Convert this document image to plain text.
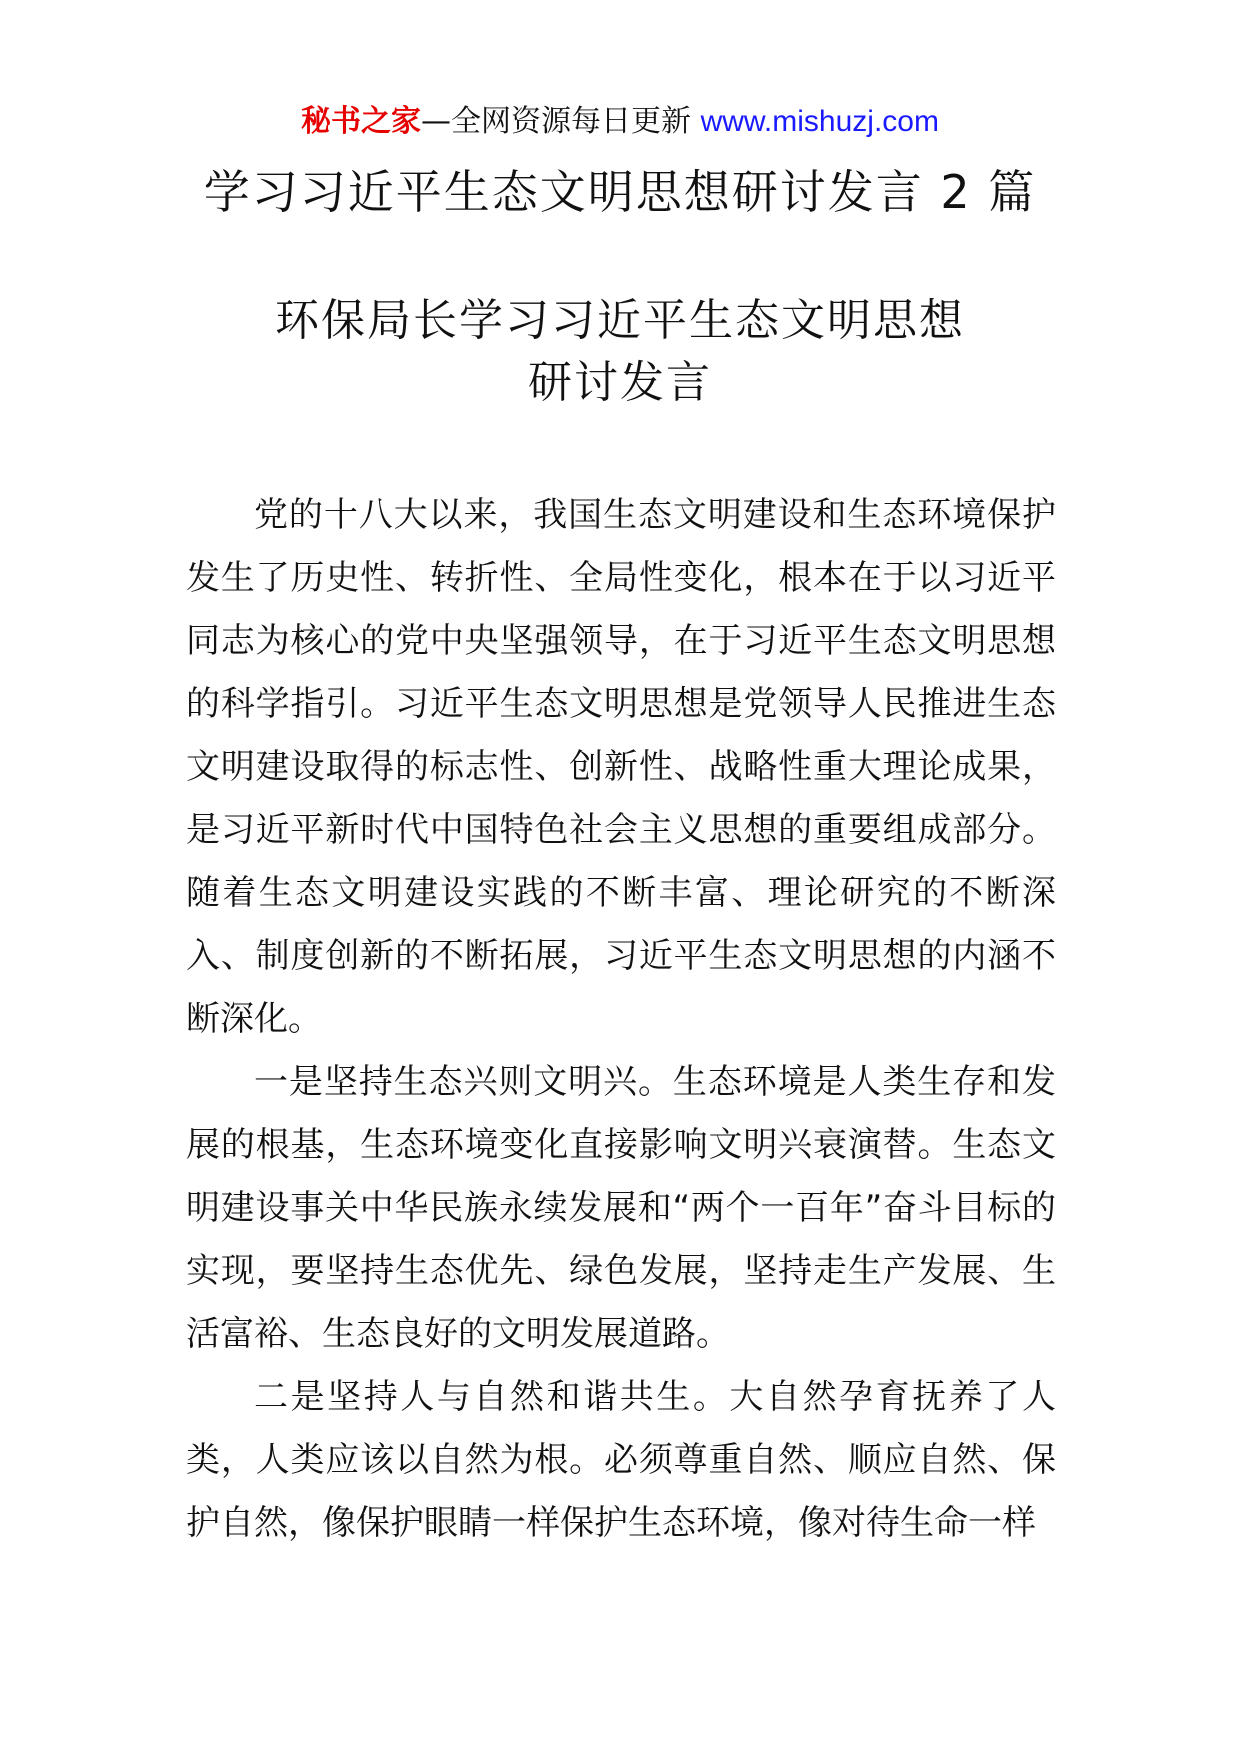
秘书之家—全网资源每日更新 www.mishuzj.com
学习习近平生态文明思想研讨发言 2 篇
环保局长学习习近平生态文明思想
研讨发言

党的十八大以来，我国生态文明建设和生态环境保护发生了历史性、转折性、全局性变化，根本在于以习近平同志为核心的党中央坚强领导，在于习近平生态文明思想的科学指引。习近平生态文明思想是党领导人民推进生态文明建设取得的标志性、创新性、战略性重大理论成果，是习近平新时代中国特色社会主义思想的重要组成部分。随着生态文明建设实践的不断丰富、理论研究的不断深入、制度创新的不断拓展，习近平生态文明思想的内涵不断深化。

一是坚持生态兴则文明兴。生态环境是人类生存和发展的根基，生态环境变化直接影响文明兴衰演替。生态文明建设事关中华民族永续发展和“两个一百年”奋斗目标的实现，要坚持生态优先、绿色发展，坚持走生产发展、生活富裕、生态良好的文明发展道路。

二是坚持人与自然和谐共生。大自然孕育抚养了人类，人类应该以自然为根。必须尊重自然、顺应自然、保护自然，像保护眼睛一样保护生态环境，像对待生命一样
